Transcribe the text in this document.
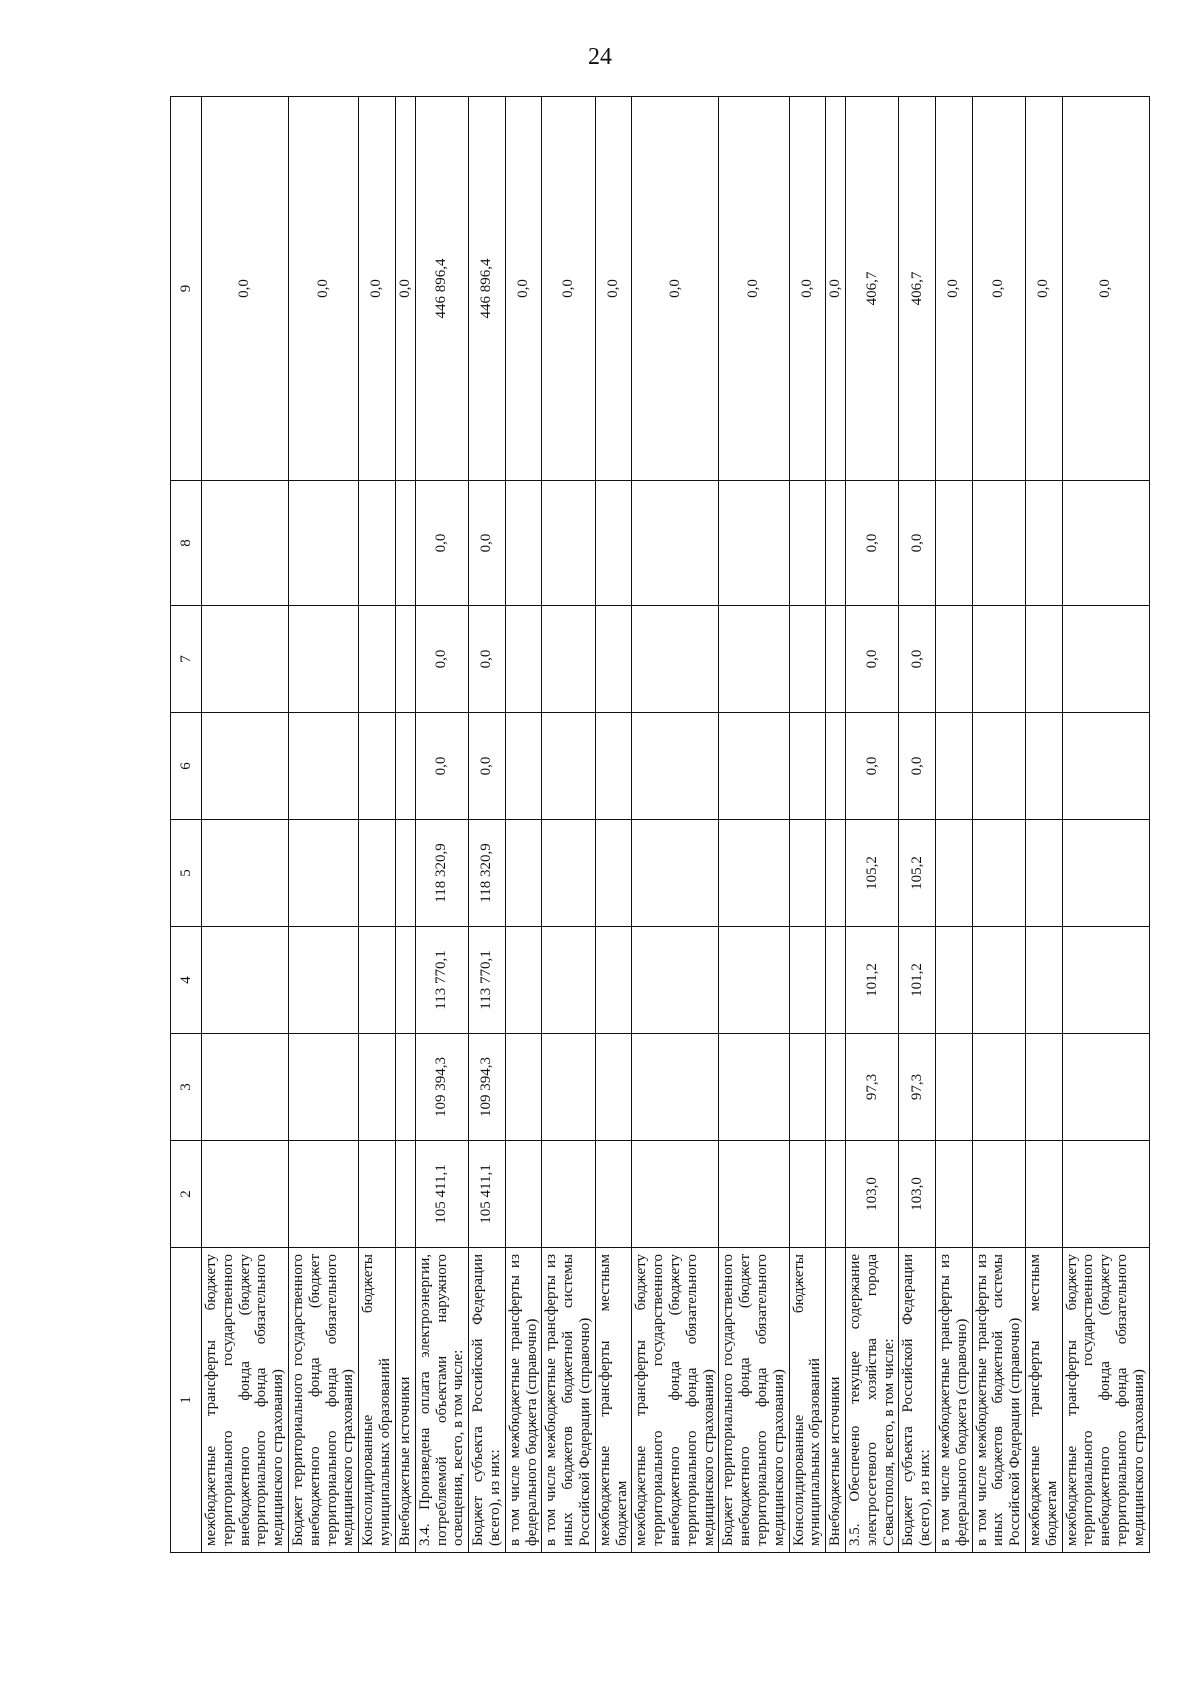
24
1	2	3	4	5	6	7	8	9
межбюджетные трансферты бюджету территориального государственного внебюджетного фонда (бюджету территориального фонда обязательного медицинского страхования)								0,0
Бюджет территориального государственного внебюджетного фонда (бюджет территориального фонда обязательного медицинского страхования)								0,0
Консолидированные бюджеты муниципальных образований								0,0
Внебюджетные источники								0,0
3.4. Произведена оплата электроэнергии, потребляемой объектами наружного освещения, всего, в том числе:	105 411,1	109 394,3	113 770,1	118 320,9	0,0	0,0	0,0	446 896,4
Бюджет субъекта Российской Федерации (всего), из них:	105 411,1	109 394,3	113 770,1	118 320,9	0,0	0,0	0,0	446 896,4
в том числе межбюджетные трансферты из федерального бюджета (справочно)								0,0
в том числе межбюджетные трансферты из иных бюджетов бюджетной системы Российской Федерации (справочно)								0,0
межбюджетные трансферты местным бюджетам								0,0
межбюджетные трансферты бюджету территориального государственного внебюджетного фонда (бюджету территориального фонда обязательного медицинского страхования)								0,0
Бюджет территориального государственного внебюджетного фонда (бюджет территориального фонда обязательного медицинского страхования)								0,0
Консолидированные бюджеты муниципальных образований								0,0
Внебюджетные источники								0,0
3.5. Обеспечено текущее содержание электросетевого хозяйства города Севастополя, всего, в том числе:	103,0	97,3	101,2	105,2	0,0	0,0	0,0	406,7
Бюджет субъекта Российской Федерации (всего), из них:	103,0	97,3	101,2	105,2	0,0	0,0	0,0	406,7
в том числе межбюджетные трансферты из федерального бюджета (справочно)								0,0
в том числе межбюджетные трансферты из иных бюджетов бюджетной системы Российской Федерации (справочно)								0,0
межбюджетные трансферты местным бюджетам								0,0
межбюджетные трансферты бюджету территориального государственного внебюджетного фонда (бюджету территориального фонда обязательного медицинского страхования)								0,0
